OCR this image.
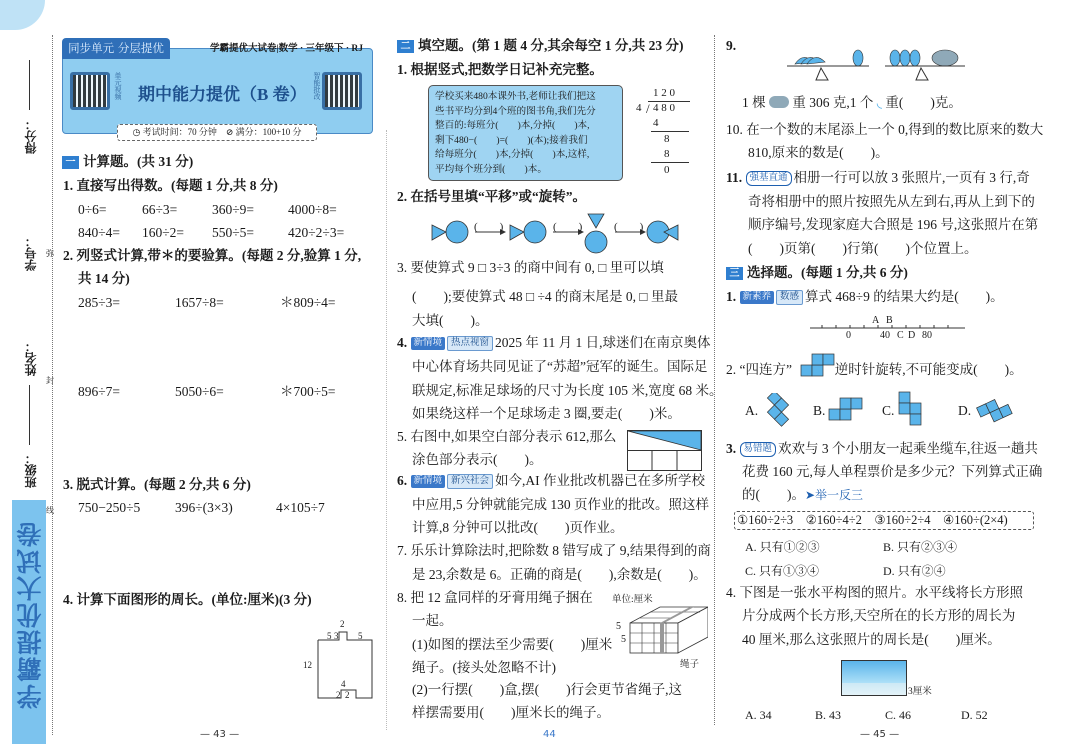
得分：
学号：
姓名：
班级：
弥
封
线
学霸提优大试卷
同步单元 分层提优	学霸提优大试卷|数学 · 三年级下 · RJ
单元视频	智能批改
期中能力提优（B 卷）
◷ 考试时间：70 分钟　 ⊘ 满分：100+10 分
一 计算题。(共 31 分)
1. 直接写出得数。(每题 1 分,共 8 分)
0÷6=	66÷3=	360÷9=	4000÷8=
840÷4= 160÷2= 550÷5=	420÷2÷3=
2. 列竖式计算,带＊的要验算。(每题 2 分,验算 1 分,
共 14 分)
285÷3=	1657÷8=	＊809÷4=
896÷7=	5050÷6=	＊700÷5=
3. 脱式计算。(每题 2 分,共 6 分)
750−250÷5	396÷(3×3)	4×105÷7
4. 计算下面图形的周长。(单位:厘米)(3 分)
2
5 3 5
12
4
2 2
— 43 —
二 填空题。(第 1 题 4 分,其余每空 1 分,共 23 分)
1. 根据竖式,把数学日记补充完整。
学校买来480本课外书,老师让我们把这
些书平均分到4个班的图书角,我们先分
整百的:每班分(　　)本,分掉(　　)本,
剩下480−(　　)=(　　)(本);接着我们
给每班分(　　)本,分掉(　　)本,这样,
平均每个班分到(　　)本。
1 2 0
4 / 4 8 0
4
8
8
0
2. 在括号里填“平移”或“旋转”。
(　　)	(　　)	(　　)
3. 要使算式 9 □ 3÷3 的商中间有 0, □ 里可以填
(　　);要使算式 48 □ ÷4 的商末尾是 0, □ 里最
大填(　　)。
4. 新情境 热点视窗 2025 年 11 月 1 日,球迷们在南京奥体
中心体育场共同见证了“苏超”冠军的诞生。国际足
联规定,标准足球场的尺寸为长度 105 米,宽度 68 米。
如果绕这样一个足球场走 3 圈,要走(　　)米。
5. 右图中,如果空白部分表示 612,那么
涂色部分表示(　　)。
6. 新情境 新兴社会 如今,AI 作业批改机器已在多所学校
中应用,5 分钟就能完成 130 页作业的批改。照这样
计算,8 分钟可以批改(　　)页作业。
7. 乐乐计算除法时,把除数 8 错写成了 9,结果得到的商
是 23,余数是 6。正确的商是(　　),余数是(　　)。
8. 把 12 盒同样的牙膏用绳子捆在
一起。
(1)如图的摆法至少需要(　　)厘米
绳子。(接头处忽略不计)
(2)一行摆(　　)盒,摆(　　)行会更节省绳子,这
样摆需要用(　　)厘米长的绳子。
单位:厘米
5
5
绳子
44
9.
1 棵 重 306 克,1 个 ◟ 重(　　)克。
10. 在一个数的末尾添上一个 0,得到的数比原来的数大
810,原来的数是(　　)。
11. 强基直通 相册一行可以放 3 张照片,一页有 3 行,奇
奇将相册中的照片按照先从左到右,再从上到下的
顺序编号,发现家庭大合照是 196 号,这张照片在第
(　　)页第(　　)行第(　　)个位置上。
三 选择题。(每题 1 分,共 6 分)
1. 新素养 数感 算式 468÷9 的结果大约是(　　)。
A B
0	40 C D 80
2. “四连方”	逆时针旋转,不可能变成(　　)。
A.	B.	C.	D.
3. 易错题 欢欢与 3 个小朋友一起乘坐缆车,往返一趟共
花费 160 元,每人单程票价是多少元？下列算式正确
的(　　)。➤举一反三
①160÷2÷3　②160÷4÷2　③160÷2÷4　④160÷(2×4)
A. 只有①②③	B. 只有②③④
C. 只有①③④	D. 只有②④
4. 下图是一张水平构图的照片。水平线将长方形照
片分成两个长方形,天空所在的长方形的周长为
40 厘米,那么这张照片的周长是(　　)厘米。
3厘米
A. 34	B. 43	C. 46	D. 52
— 45 —
